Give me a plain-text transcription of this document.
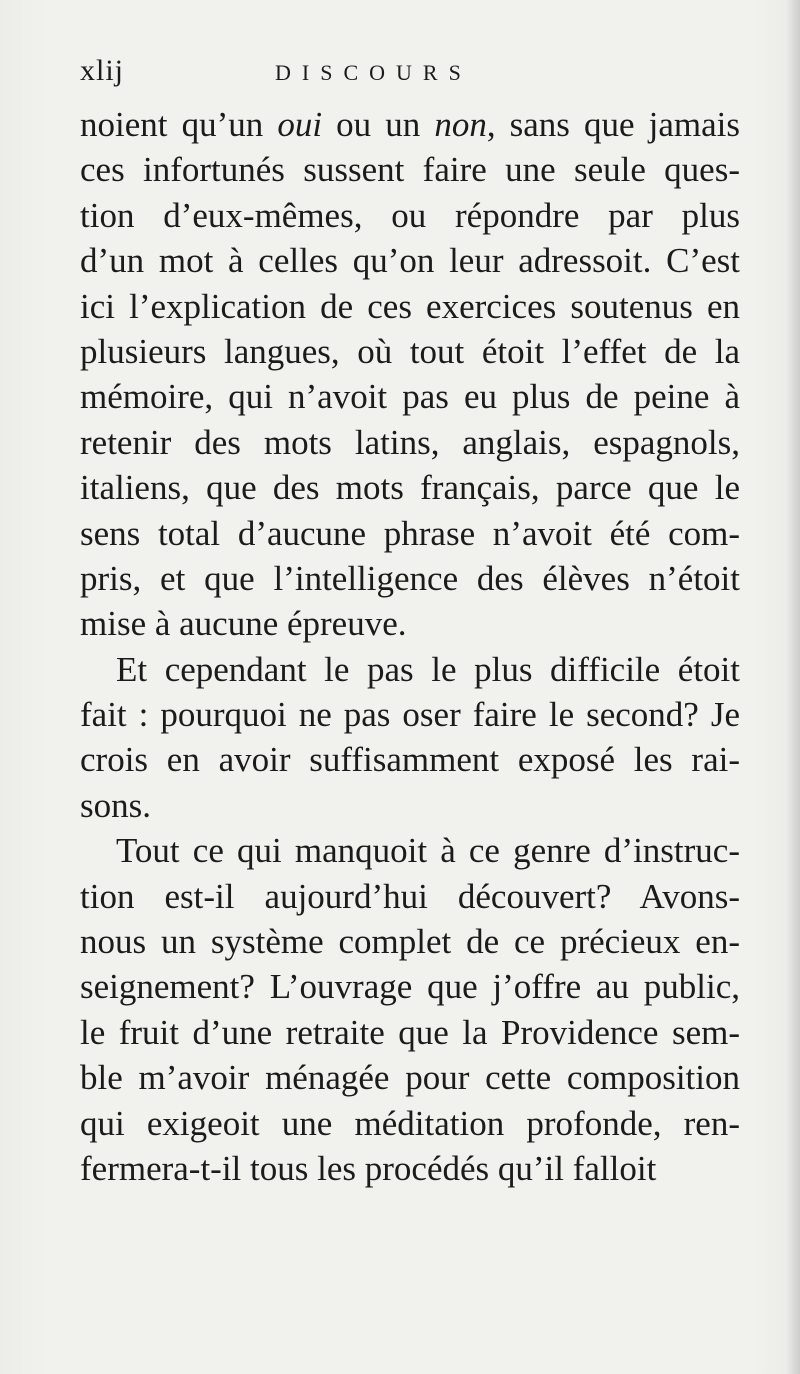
xlij	DISCOURS
noient qu’un oui ou un non, sans que jamais
ces infortunés sussent faire une seule ques-
tion d’eux-mêmes, ou répondre par plus
d’un mot à celles qu’on leur adressoit. C’est
ici l’explication de ces exercices soutenus en
plusieurs langues, où tout étoit l’effet de la
mémoire, qui n’avoit pas eu plus de peine à
retenir des mots latins, anglais, espagnols,
italiens, que des mots français, parce que le
sens total d’aucune phrase n’avoit été com-
pris, et que l’intelligence des élèves n’étoit
mise à aucune épreuve.
Et cependant le pas le plus difficile étoit
fait : pourquoi ne pas oser faire le second? Je
crois en avoir suffisamment exposé les rai-
sons.
Tout ce qui manquoit à ce genre d’instruc-
tion est-il aujourd’hui découvert? Avons-
nous un système complet de ce précieux en-
seignement? L’ouvrage que j’offre au public,
le fruit d’une retraite que la Providence sem-
ble m’avoir ménagée pour cette composition
qui exigeoit une méditation profonde, ren-
fermera-t-il tous les procédés qu’il falloit
